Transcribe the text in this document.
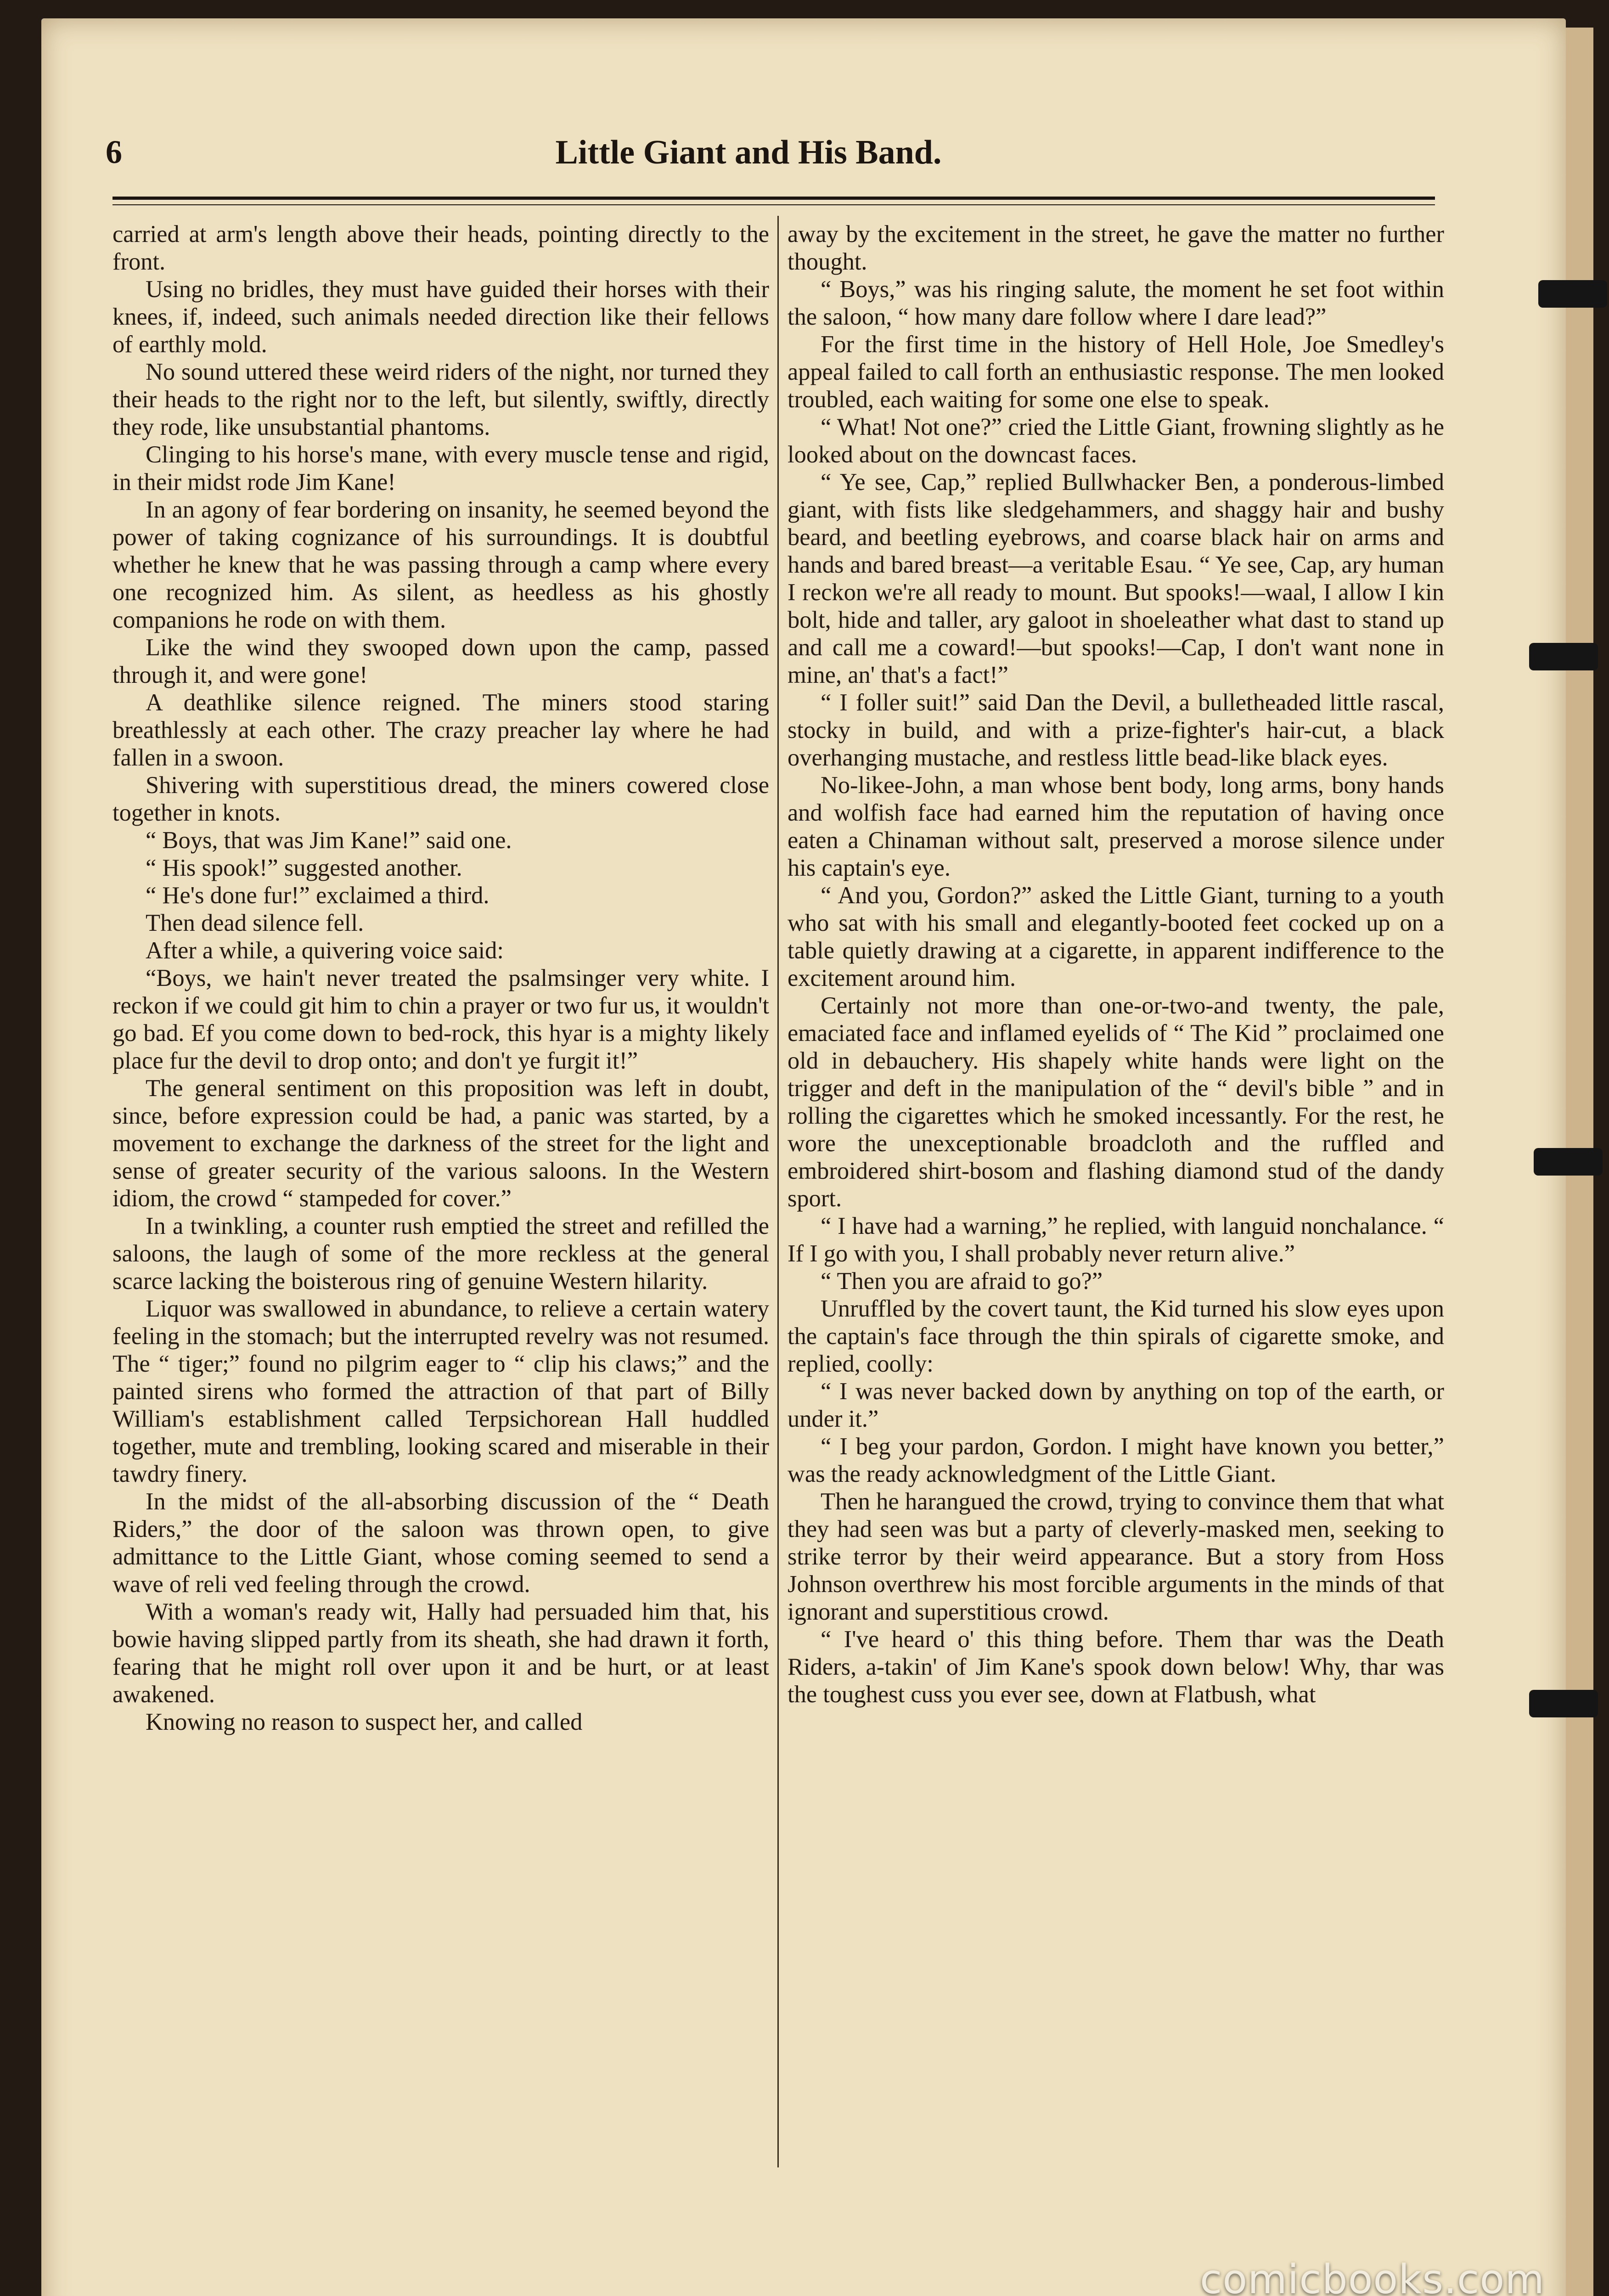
6	Little Giant and His Band.

carried at arm's length above their heads, pointing directly to the front.

Using no bridles, they must have guided their horses with their knees, if, indeed, such animals needed direction like their fellows of earthly mold.

No sound uttered these weird riders of the night, nor turned they their heads to the right nor to the left, but silently, swiftly, directly they rode, like unsubstantial phantoms.

Clinging to his horse's mane, with every muscle tense and rigid, in their midst rode Jim Kane!

In an agony of fear bordering on insanity, he seemed beyond the power of taking cognizance of his surroundings. It is doubtful whether he knew that he was passing through a camp where every one recognized him. As silent, as heedless as his ghostly companions he rode on with them.

Like the wind they swooped down upon the camp, passed through it, and were gone!

A deathlike silence reigned. The miners stood staring breathlessly at each other. The crazy preacher lay where he had fallen in a swoon.

Shivering with superstitious dread, the miners cowered close together in knots.

“ Boys, that was Jim Kane!” said one.

“ His spook!” suggested another.

“ He's done fur!” exclaimed a third.

Then dead silence fell.

After a while, a quivering voice said:

“Boys, we hain't never treated the psalmsinger very white. I reckon if we could git him to chin a prayer or two fur us, it wouldn't go bad. Ef you come down to bed-rock, this hyar is a mighty likely place fur the devil to drop onto; and don't ye furgit it!”

The general sentiment on this proposition was left in doubt, since, before expression could be had, a panic was started, by a movement to exchange the darkness of the street for the light and sense of greater security of the various saloons. In the Western idiom, the crowd “ stampeded for cover.”

In a twinkling, a counter rush emptied the street and refilled the saloons, the laugh of some of the more reckless at the general scarce lacking the boisterous ring of genuine Western hilarity.

Liquor was swallowed in abundance, to relieve a certain watery feeling in the stomach; but the interrupted revelry was not resumed. The “ tiger;” found no pilgrim eager to “ clip his claws;” and the painted sirens who formed the attraction of that part of Billy William's establishment called Terpsichorean Hall huddled together, mute and trembling, looking scared and miserable in their tawdry finery.

In the midst of the all-absorbing discussion of the “ Death Riders,” the door of the saloon was thrown open, to give admittance to the Little Giant, whose coming seemed to send a wave of reli ved feeling through the crowd.

With a woman's ready wit, Hally had persuaded him that, his bowie having slipped partly from its sheath, she had drawn it forth, fearing that he might roll over upon it and be hurt, or at least awakened.

Knowing no reason to suspect her, and called

away by the excitement in the street, he gave the matter no further thought.

“ Boys,” was his ringing salute, the moment he set foot within the saloon, “ how many dare follow where I dare lead?”

For the first time in the history of Hell Hole, Joe Smedley's appeal failed to call forth an enthusiastic response. The men looked troubled, each waiting for some one else to speak.

“ What! Not one?” cried the Little Giant, frowning slightly as he looked about on the downcast faces.

“ Ye see, Cap,” replied Bullwhacker Ben, a ponderous-limbed giant, with fists like sledgehammers, and shaggy hair and bushy beard, and beetling eyebrows, and coarse black hair on arms and hands and bared breast—a veritable Esau. “ Ye see, Cap, ary human I reckon we're all ready to mount. But spooks!—waal, I allow I kin bolt, hide and taller, ary galoot in shoeleather what dast to stand up and call me a coward!—but spooks!—Cap, I don't want none in mine, an' that's a fact!”

“ I foller suit!” said Dan the Devil, a bulletheaded little rascal, stocky in build, and with a prize-fighter's hair-cut, a black overhanging mustache, and restless little bead-like black eyes.

No-likee-John, a man whose bent body, long arms, bony hands and wolfish face had earned him the reputation of having once eaten a Chinaman without salt, preserved a morose silence under his captain's eye.

“ And you, Gordon?” asked the Little Giant, turning to a youth who sat with his small and elegantly-booted feet cocked up on a table quietly drawing at a cigarette, in apparent indifference to the excitement around him.

Certainly not more than one-or-two-and twenty, the pale, emaciated face and inflamed eyelids of “ The Kid ” proclaimed one old in debauchery. His shapely white hands were light on the trigger and deft in the manipulation of the “ devil's bible ” and in rolling the cigarettes which he smoked incessantly. For the rest, he wore the unexceptionable broadcloth and the ruffled and embroidered shirt-bosom and flashing diamond stud of the dandy sport.

“ I have had a warning,” he replied, with languid nonchalance. “ If I go with you, I shall probably never return alive.”

“ Then you are afraid to go?”

Unruffled by the covert taunt, the Kid turned his slow eyes upon the captain's face through the thin spirals of cigarette smoke, and replied, coolly:

“ I was never backed down by anything on top of the earth, or under it.”

“ I beg your pardon, Gordon. I might have known you better,” was the ready acknowledgment of the Little Giant.

Then he harangued the crowd, trying to convince them that what they had seen was but a party of cleverly-masked men, seeking to strike terror by their weird appearance. But a story from Hoss Johnson overthrew his most forcible arguments in the minds of that ignorant and superstitious crowd.

“ I've heard o' this thing before. Them thar was the Death Riders, a-takin' of Jim Kane's spook down below! Why, thar was the toughest cuss you ever see, down at Flatbush, what

comicbooks.com
